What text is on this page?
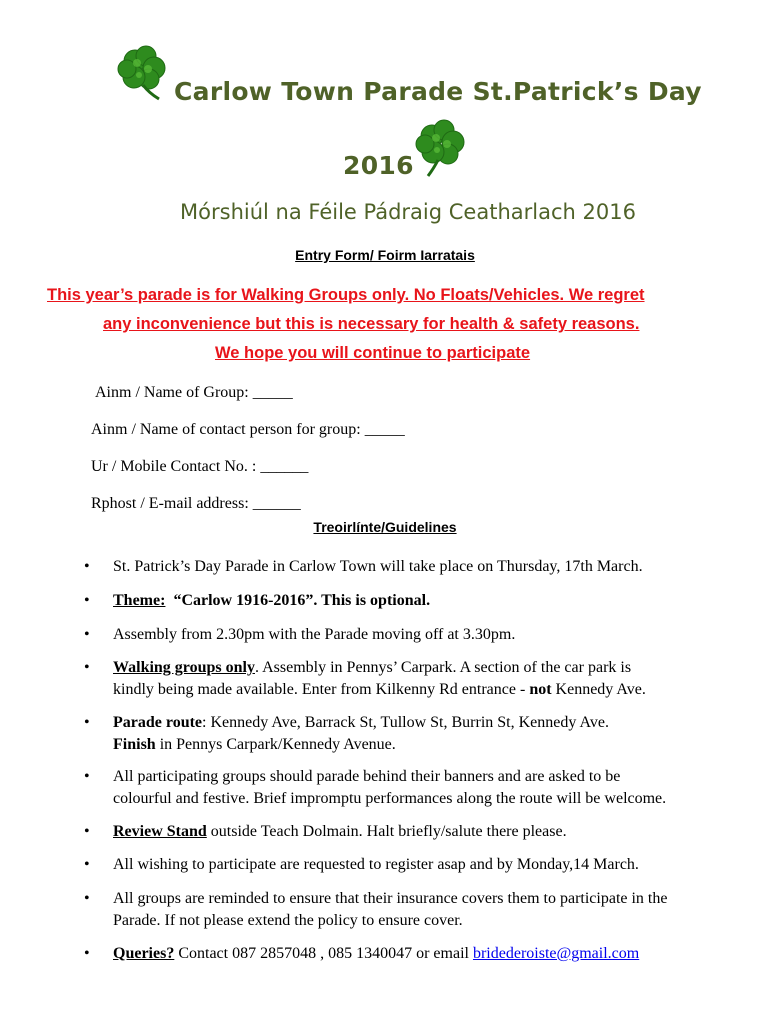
Carlow Town Parade St.Patrick’s Day
2016
Mórshiúl na Féile Pádraig Ceatharlach 2016
Entry Form/ Foirm Iarratais
This year’s parade is for Walking Groups only. No Floats/Vehicles. We regret
any inconvenience but this is necessary for health & safety reasons.
We hope you will continue to participate
Ainm / Name of Group: _____
Ainm / Name of contact person for group: _____
Ur / Mobile Contact No. : ______
Rphost / E-mail address: ______
Treoirlínte/Guidelines
• St. Patrick’s Day Parade in Carlow Town will take place on Thursday, 17th March.
• Theme: “Carlow 1916-2016”. This is optional.
• Assembly from 2.30pm with the Parade moving off at 3.30pm.
• Walking groups only. Assembly in Pennys’ Carpark. A section of the car park is
kindly being made available. Enter from Kilkenny Rd entrance - not Kennedy Ave.
• Parade route: Kennedy Ave, Barrack St, Tullow St, Burrin St, Kennedy Ave.
Finish in Pennys Carpark/Kennedy Avenue.
• All participating groups should parade behind their banners and are asked to be
colourful and festive. Brief impromptu performances along the route will be welcome.
• Review Stand outside Teach Dolmain. Halt briefly/salute there please.
• All wishing to participate are requested to register asap and by Monday,14 March.
• All groups are reminded to ensure that their insurance covers them to participate in the
Parade. If not please extend the policy to ensure cover.
• Queries? Contact 087 2857048 , 085 1340047 or email bridederoiste@gmail.com
